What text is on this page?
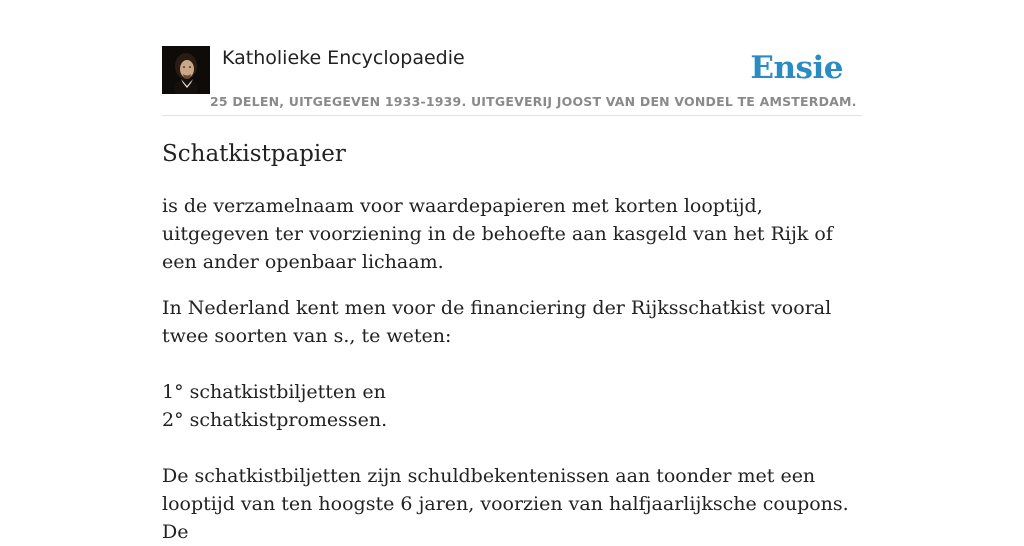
Katholieke Encyclopaedie
25 DELEN, UITGEGEVEN 1933-1939. UITGEVERIJ JOOST VAN DEN VONDEL TE AMSTERDAM.
Ensie
Schatkistpapier

is de verzamelnaam voor waardepapieren met korten looptijd, uitgegeven ter voorziening in de behoefte aan kasgeld van het Rijk of een ander openbaar lichaam.

In Nederland kent men voor de financiering der Rijksschatkist vooral twee soorten van s., te weten:

1° schatkistbiljetten en

2° schatkistpromessen.

De schatkistbiljetten zijn schuldbekentenissen aan toonder met een looptijd van ten hoogste 6 jaren, voorzien van halfjaarlijksche coupons. De
